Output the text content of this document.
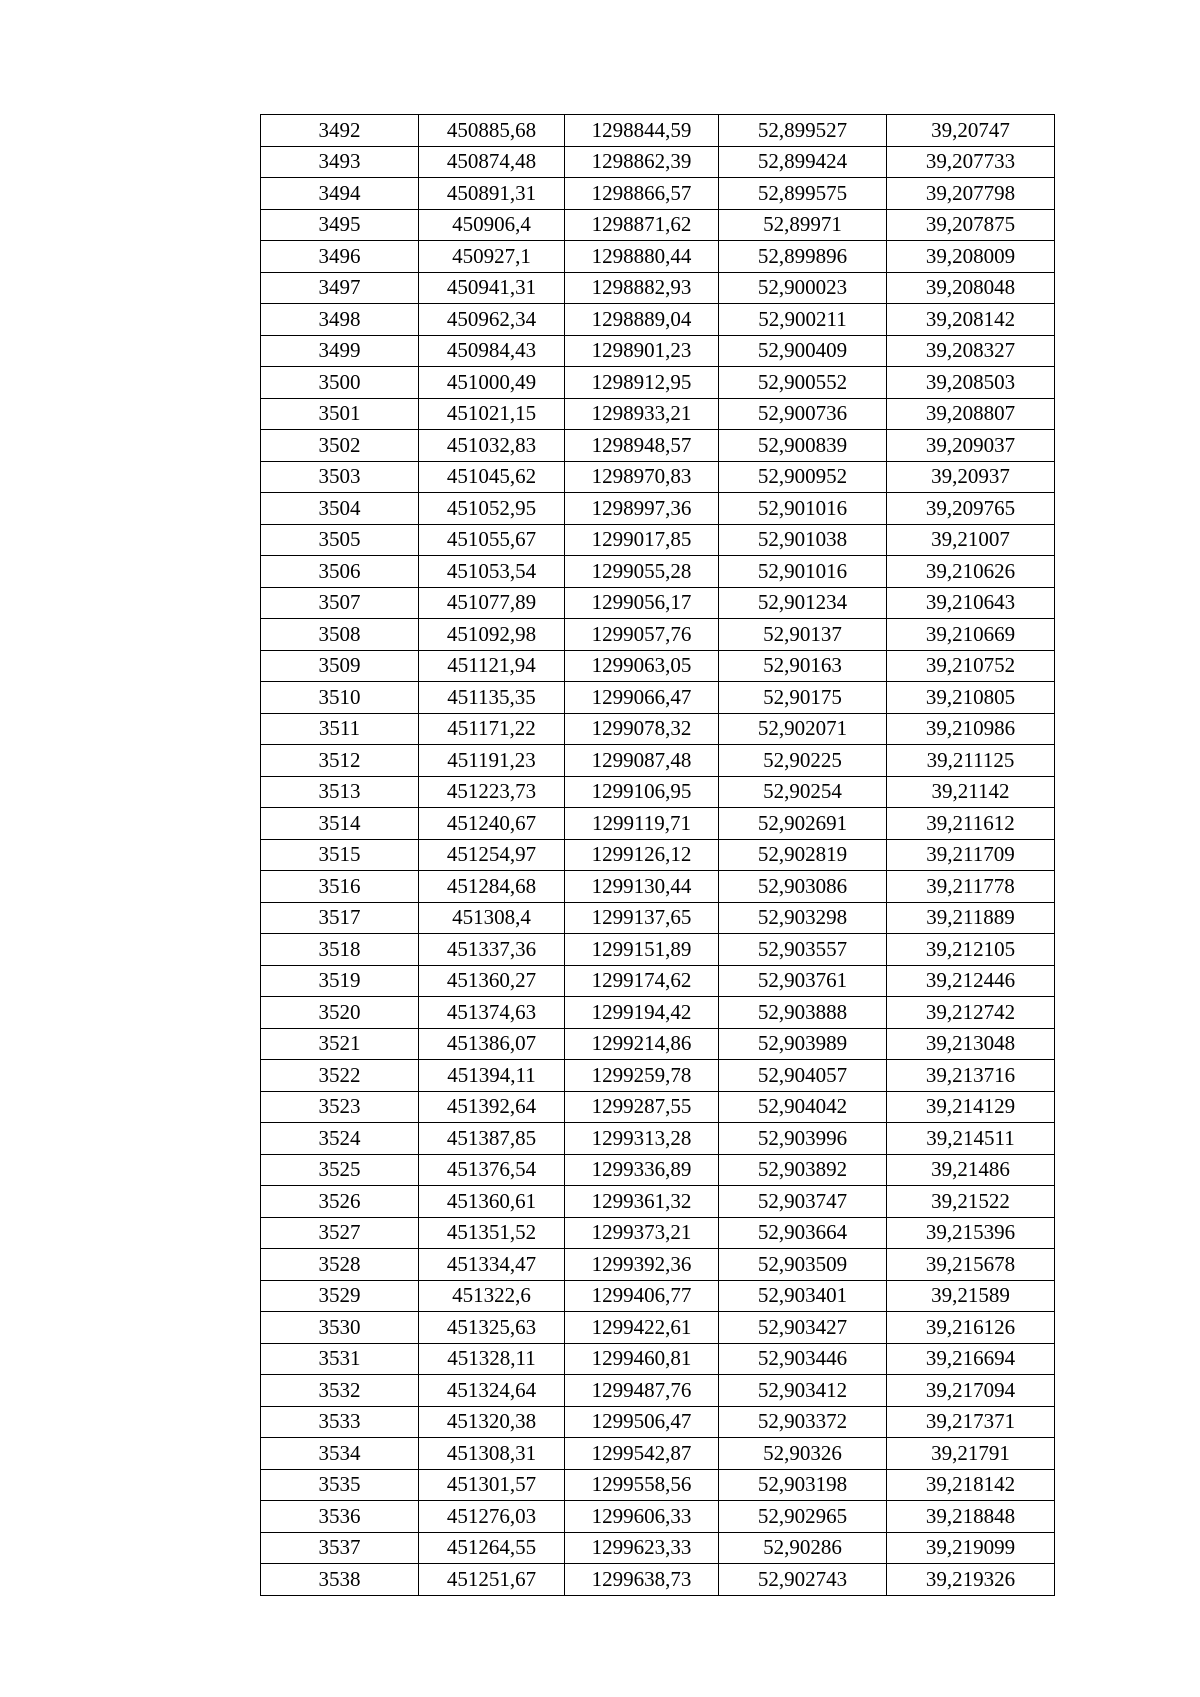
3492	450885,68	1298844,59	52,899527	39,20747
3493	450874,48	1298862,39	52,899424	39,207733
3494	450891,31	1298866,57	52,899575	39,207798
3495	450906,4	1298871,62	52,89971	39,207875
3496	450927,1	1298880,44	52,899896	39,208009
3497	450941,31	1298882,93	52,900023	39,208048
3498	450962,34	1298889,04	52,900211	39,208142
3499	450984,43	1298901,23	52,900409	39,208327
3500	451000,49	1298912,95	52,900552	39,208503
3501	451021,15	1298933,21	52,900736	39,208807
3502	451032,83	1298948,57	52,900839	39,209037
3503	451045,62	1298970,83	52,900952	39,20937
3504	451052,95	1298997,36	52,901016	39,209765
3505	451055,67	1299017,85	52,901038	39,21007
3506	451053,54	1299055,28	52,901016	39,210626
3507	451077,89	1299056,17	52,901234	39,210643
3508	451092,98	1299057,76	52,90137	39,210669
3509	451121,94	1299063,05	52,90163	39,210752
3510	451135,35	1299066,47	52,90175	39,210805
3511	451171,22	1299078,32	52,902071	39,210986
3512	451191,23	1299087,48	52,90225	39,211125
3513	451223,73	1299106,95	52,90254	39,21142
3514	451240,67	1299119,71	52,902691	39,211612
3515	451254,97	1299126,12	52,902819	39,211709
3516	451284,68	1299130,44	52,903086	39,211778
3517	451308,4	1299137,65	52,903298	39,211889
3518	451337,36	1299151,89	52,903557	39,212105
3519	451360,27	1299174,62	52,903761	39,212446
3520	451374,63	1299194,42	52,903888	39,212742
3521	451386,07	1299214,86	52,903989	39,213048
3522	451394,11	1299259,78	52,904057	39,213716
3523	451392,64	1299287,55	52,904042	39,214129
3524	451387,85	1299313,28	52,903996	39,214511
3525	451376,54	1299336,89	52,903892	39,21486
3526	451360,61	1299361,32	52,903747	39,21522
3527	451351,52	1299373,21	52,903664	39,215396
3528	451334,47	1299392,36	52,903509	39,215678
3529	451322,6	1299406,77	52,903401	39,21589
3530	451325,63	1299422,61	52,903427	39,216126
3531	451328,11	1299460,81	52,903446	39,216694
3532	451324,64	1299487,76	52,903412	39,217094
3533	451320,38	1299506,47	52,903372	39,217371
3534	451308,31	1299542,87	52,90326	39,21791
3535	451301,57	1299558,56	52,903198	39,218142
3536	451276,03	1299606,33	52,902965	39,218848
3537	451264,55	1299623,33	52,90286	39,219099
3538	451251,67	1299638,73	52,902743	39,219326
